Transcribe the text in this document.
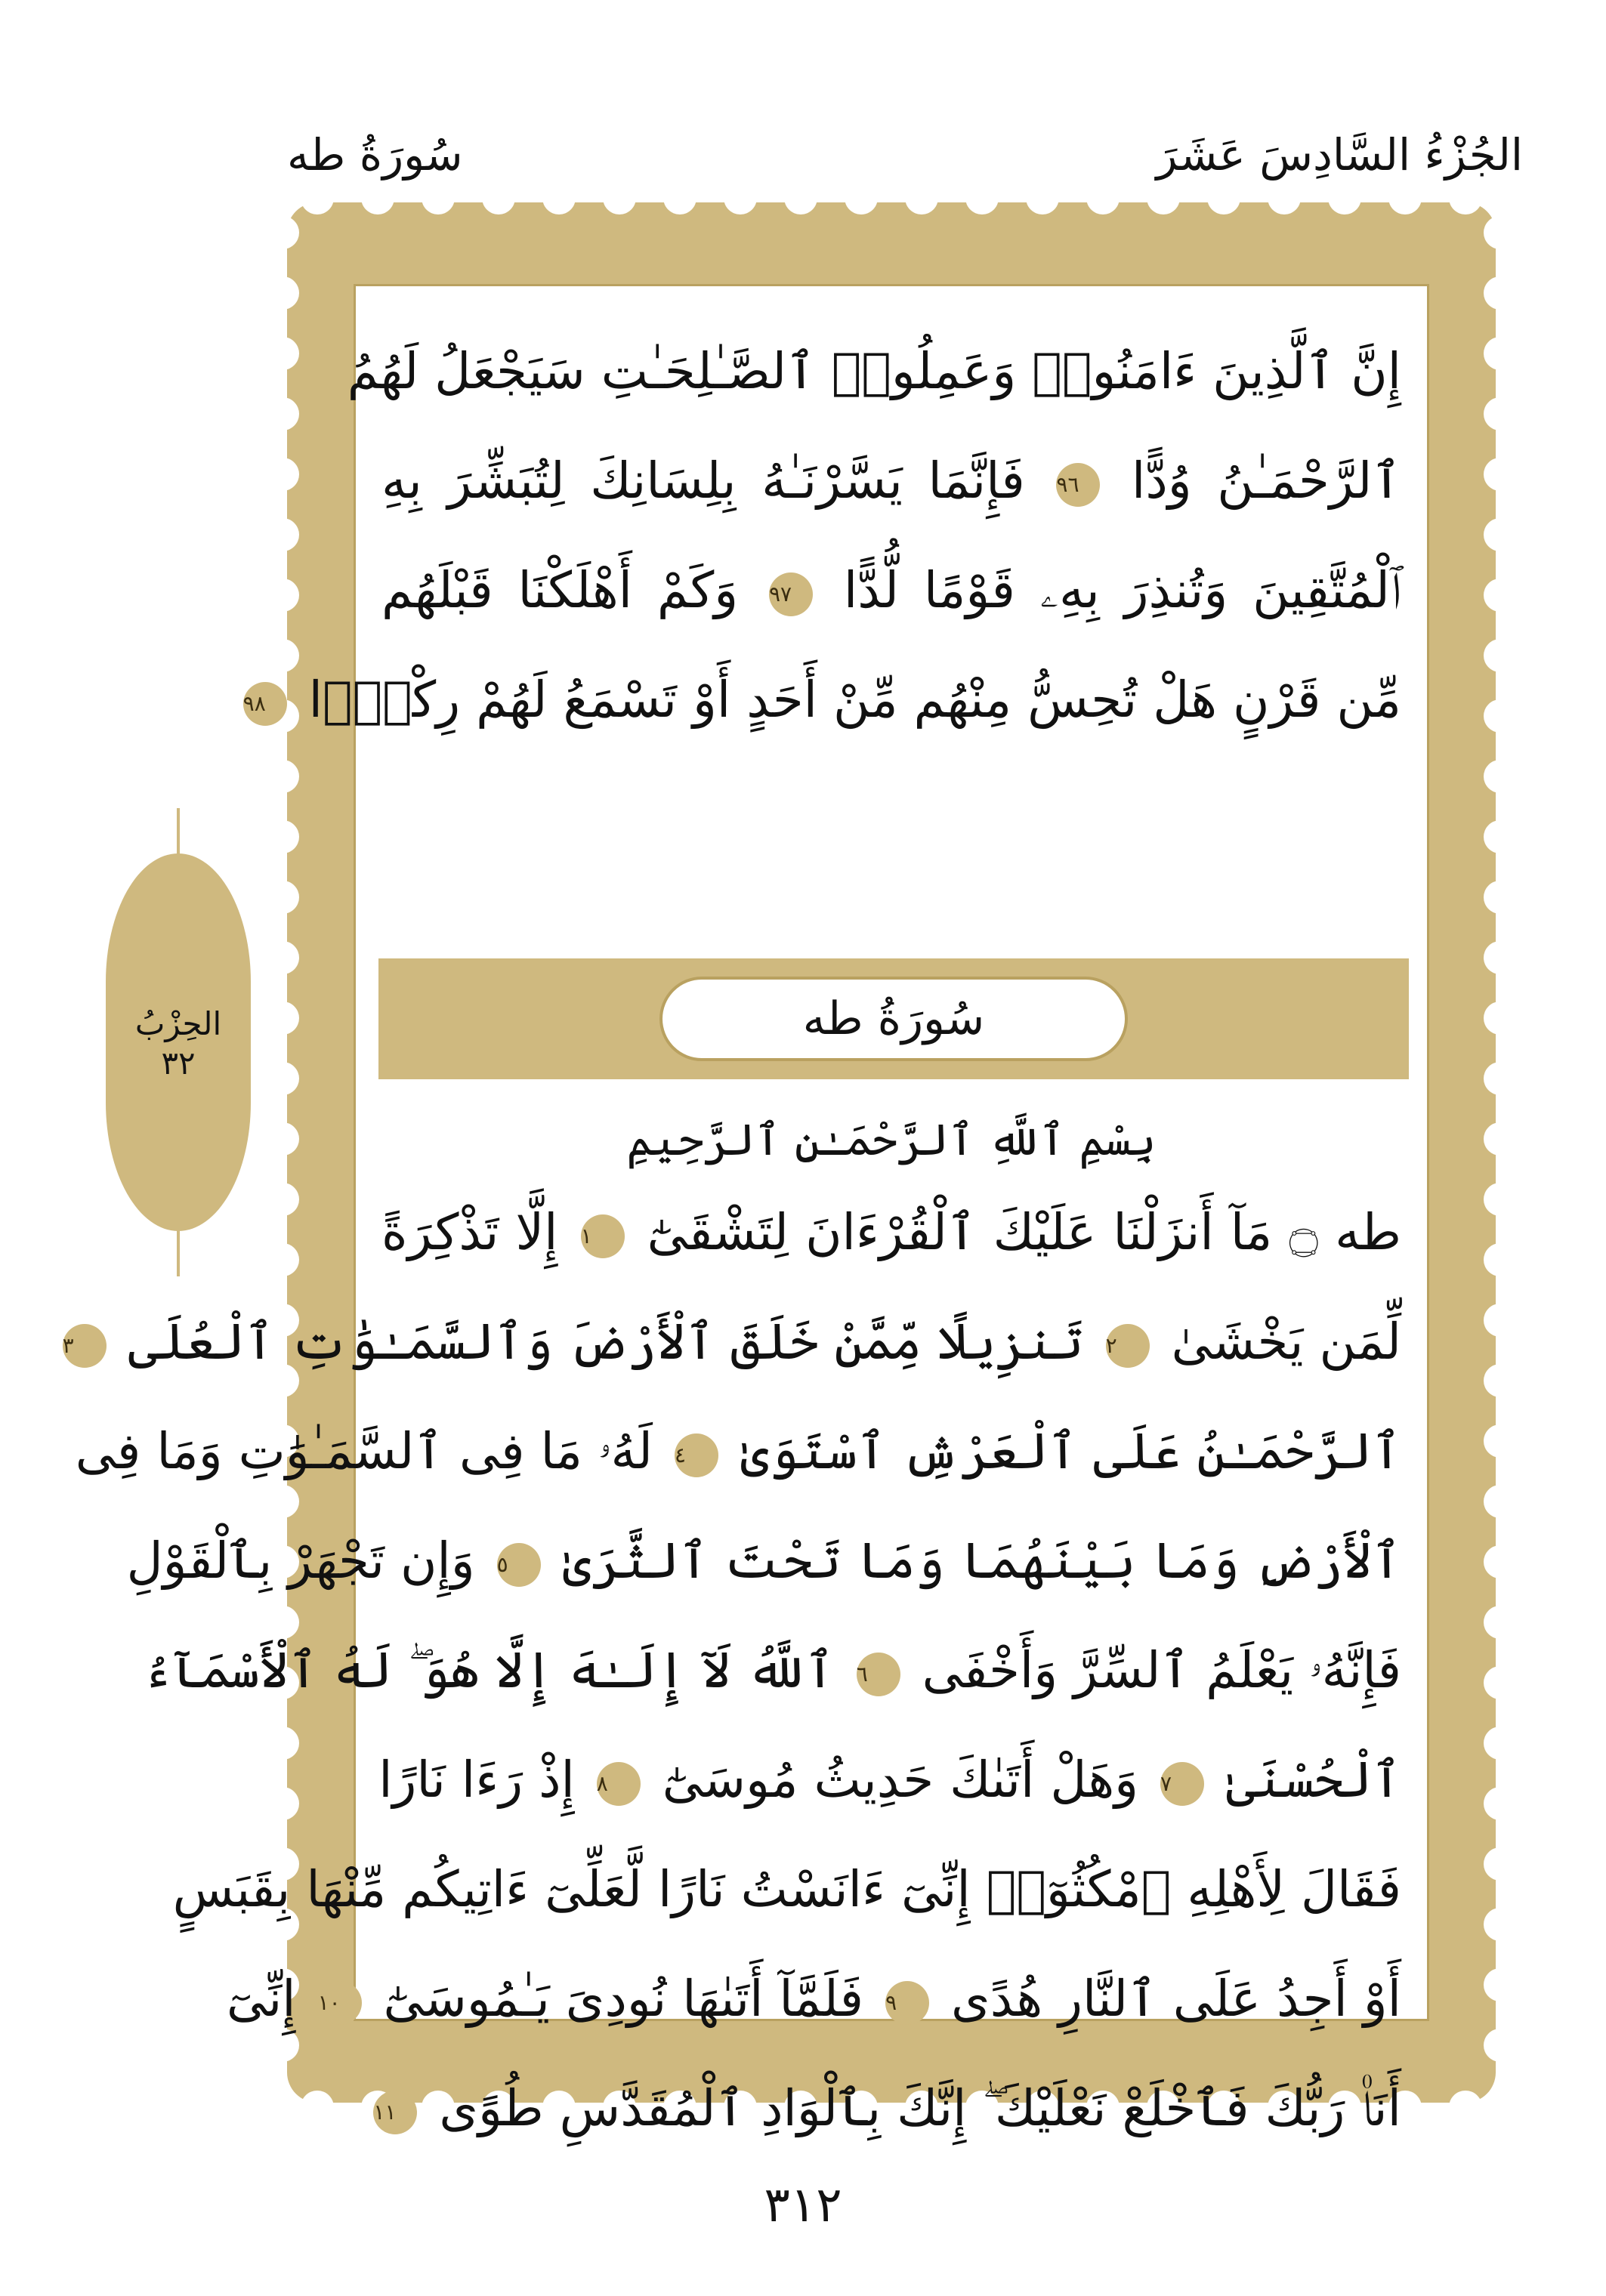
الجُزْءُ السَّادِسَ عَشَرَ
سُورَةُ طه
الحِزْبُ
٣٢
إِنَّ ٱلَّذِينَ ءَامَنُوا۟ وَعَمِلُوا۟ ٱلصَّـٰلِحَـٰتِ سَيَجْعَلُ لَهُمُ
ٱلرَّحْمَـٰنُ وُدًّا ٩٦ فَإِنَّمَا يَسَّرْنَـٰهُ بِلِسَانِكَ لِتُبَشِّرَ بِهِ
ٱلْمُتَّقِينَ وَتُنذِرَ بِهِۦ قَوْمًا لُّدًّا ٩٧ وَكَمْ أَهْلَكْنَا قَبْلَهُم
مِّن قَرْنٍ هَلْ تُحِسُّ مِنْهُم مِّنْ أَحَدٍ أَوْ تَسْمَعُ لَهُمْ رِكْزًۢا ٩٨
سُورَةُ طه
بِسْمِ ٱللَّهِ ٱلرَّحْمَـٰنِ ٱلرَّحِيمِ
طه ۝ مَآ أَنزَلْنَا عَلَيْكَ ٱلْقُرْءَانَ لِتَشْقَىٰٓ ١ إِلَّا تَذْكِرَةً
لِّمَن يَخْشَىٰ ٢ تَنزِيلًا مِّمَّنْ خَلَقَ ٱلْأَرْضَ وَٱلسَّمَـٰوَٰتِ ٱلْعُلَى ٣
ٱلرَّحْمَـٰنُ عَلَى ٱلْعَرْشِ ٱسْتَوَىٰ ٤ لَهُۥ مَا فِى ٱلسَّمَـٰوَٰتِ وَمَا فِى
ٱلْأَرْضِ وَمَا بَيْنَهُمَا وَمَا تَحْتَ ٱلثَّرَىٰ ٥ وَإِن تَجْهَرْ بِٱلْقَوْلِ
فَإِنَّهُۥ يَعْلَمُ ٱلسِّرَّ وَأَخْفَى ٦ ٱللَّهُ لَآ إِلَـٰهَ إِلَّا هُوَ ۖ لَهُ ٱلْأَسْمَآءُ
ٱلْحُسْنَىٰ ٧ وَهَلْ أَتَىٰكَ حَدِيثُ مُوسَىٰٓ ٨ إِذْ رَءَا نَارًا
فَقَالَ لِأَهْلِهِ ٱمْكُثُوٓا۟ إِنِّىٓ ءَانَسْتُ نَارًا لَّعَلِّىٓ ءَاتِيكُم مِّنْهَا بِقَبَسٍ
أَوْ أَجِدُ عَلَى ٱلنَّارِ هُدًى ٩ فَلَمَّآ أَتَىٰهَا نُودِىَ يَـٰمُوسَىٰٓ ١٠ إِنِّىٓ
أَنَا۠ رَبُّكَ فَٱخْلَعْ نَعْلَيْكَ ۖ إِنَّكَ بِٱلْوَادِ ٱلْمُقَدَّسِ طُوًى ١١
٣١٢
